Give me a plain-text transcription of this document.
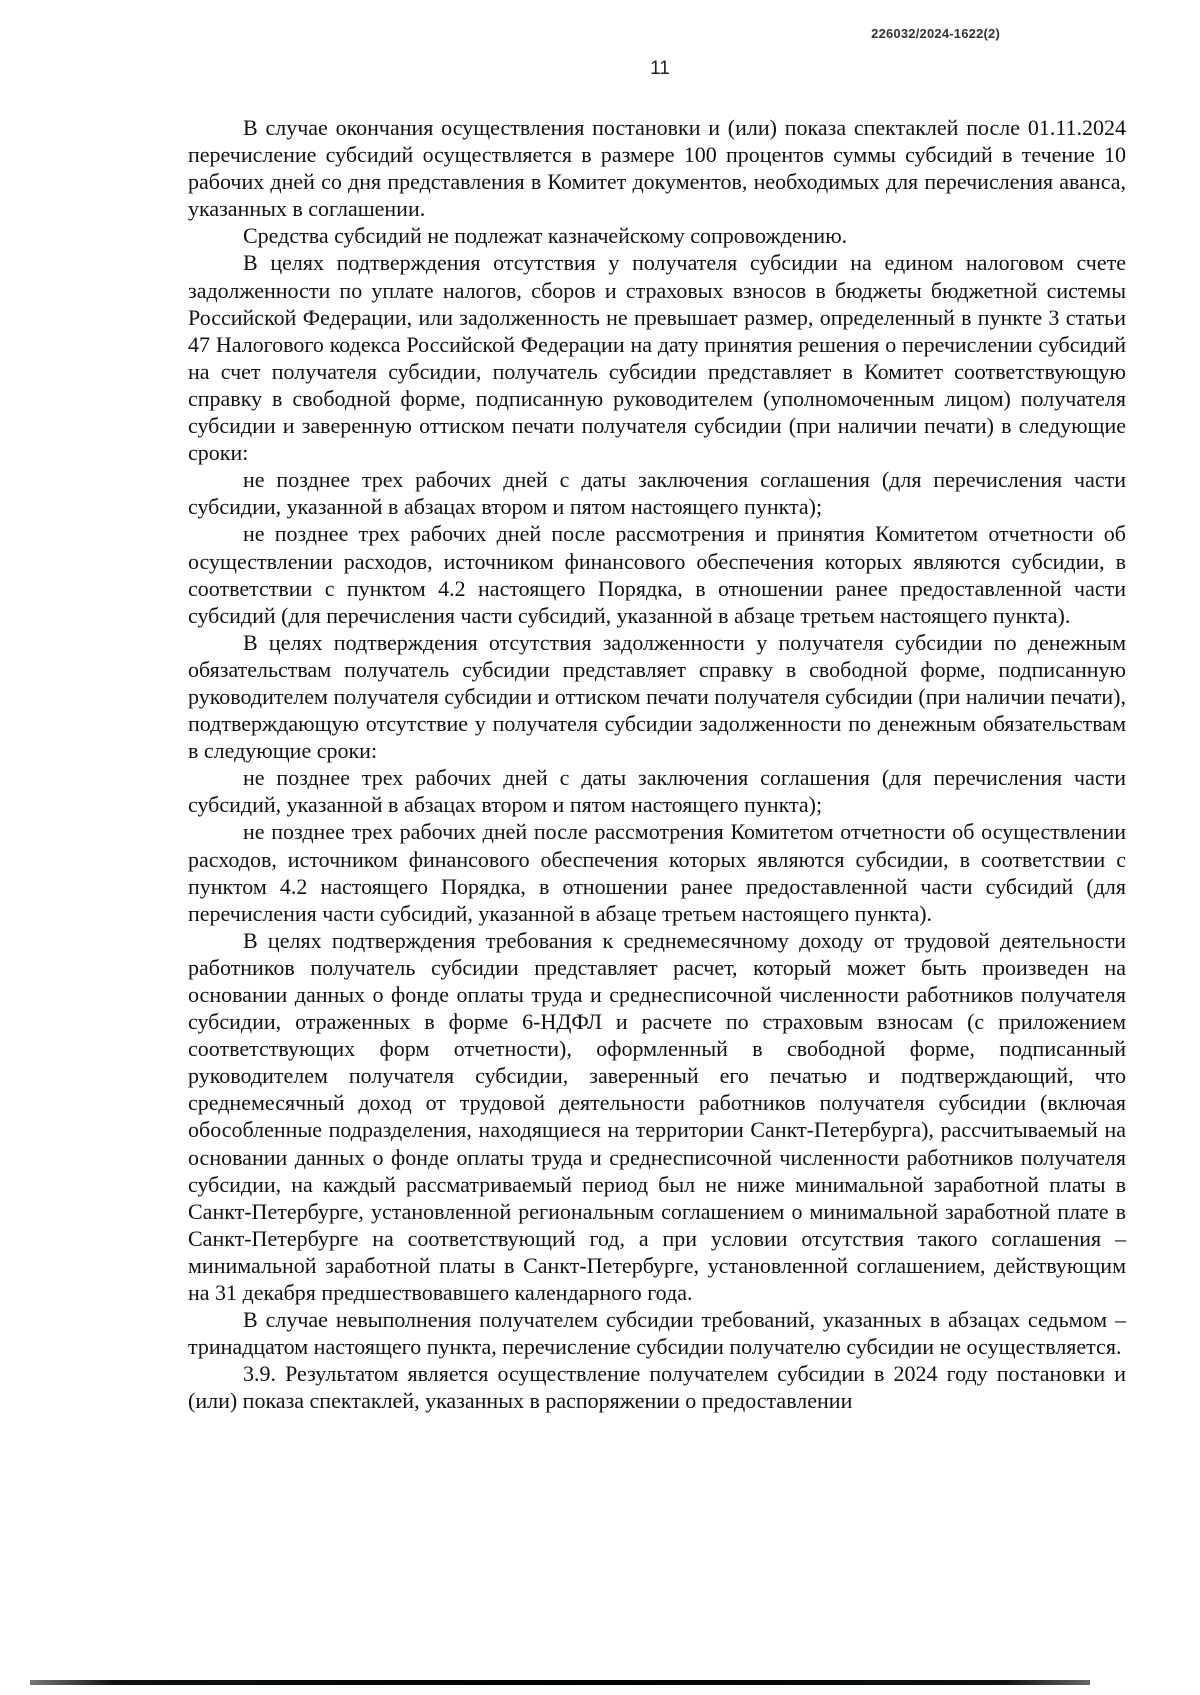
226032/2024-1622(2)
11

В случае окончания осуществления постановки и (или) показа спектаклей после 01.11.2024 перечисление субсидий осуществляется в размере 100 процентов суммы субсидий в течение 10 рабочих дней со дня представления в Комитет документов, необходимых для перечисления аванса, указанных в соглашении.

Средства субсидий не подлежат казначейскому сопровождению.

В целях подтверждения отсутствия у получателя субсидии на едином налоговом счете задолженности по уплате налогов, сборов и страховых взносов в бюджеты бюджетной системы Российской Федерации, или задолженность не превышает размер, определенный в пункте 3 статьи 47 Налогового кодекса Российской Федерации на дату принятия решения о перечислении субсидий на счет получателя субсидии, получатель субсидии представляет в Комитет соответствующую справку в свободной форме, подписанную руководителем (уполномоченным лицом) получателя субсидии и заверенную оттиском печати получателя субсидии (при наличии печати) в следующие сроки:

не позднее трех рабочих дней с даты заключения соглашения (для перечисления части субсидии, указанной в абзацах втором и пятом настоящего пункта);

не позднее трех рабочих дней после рассмотрения и принятия Комитетом отчетности об осуществлении расходов, источником финансового обеспечения которых являются субсидии, в соответствии с пунктом 4.2 настоящего Порядка, в отношении ранее предоставленной части субсидий (для перечисления части субсидий, указанной в абзаце третьем настоящего пункта).

В целях подтверждения отсутствия задолженности у получателя субсидии по денежным обязательствам получатель субсидии представляет справку в свободной форме, подписанную руководителем получателя субсидии и оттиском печати получателя субсидии (при наличии печати), подтверждающую отсутствие у получателя субсидии задолженности по денежным обязательствам в следующие сроки:

не позднее трех рабочих дней с даты заключения соглашения (для перечисления части субсидий, указанной в абзацах втором и пятом настоящего пункта);

не позднее трех рабочих дней после рассмотрения Комитетом отчетности об осуществлении расходов, источником финансового обеспечения которых являются субсидии, в соответствии с пунктом 4.2 настоящего Порядка, в отношении ранее предоставленной части субсидий (для перечисления части субсидий, указанной в абзаце третьем настоящего пункта).

В целях подтверждения требования к среднемесячному доходу от трудовой деятельности работников получатель субсидии представляет расчет, который может быть произведен на основании данных о фонде оплаты труда и среднесписочной численности работников получателя субсидии, отраженных в форме 6-НДФЛ и расчете по страховым взносам (с приложением соответствующих форм отчетности), оформленный в свободной форме, подписанный руководителем получателя субсидии, заверенный его печатью и подтверждающий, что среднемесячный доход от трудовой деятельности работников получателя субсидии (включая обособленные подразделения, находящиеся на территории Санкт-Петербурга), рассчитываемый на основании данных о фонде оплаты труда и среднесписочной численности работников получателя субсидии, на каждый рассматриваемый период был не ниже минимальной заработной платы в Санкт-Петербурге, установленной региональным соглашением о минимальной заработной плате в Санкт-Петербурге на соответствующий год, а при условии отсутствия такого соглашения – минимальной заработной платы в Санкт-Петербурге, установленной соглашением, действующим на 31 декабря предшествовавшего календарного года.

В случае невыполнения получателем субсидии требований, указанных в абзацах седьмом – тринадцатом настоящего пункта, перечисление субсидии получателю субсидии не осуществляется.

3.9. Результатом является осуществление получателем субсидии в 2024 году постановки и (или) показа спектаклей, указанных в распоряжении о предоставлении
